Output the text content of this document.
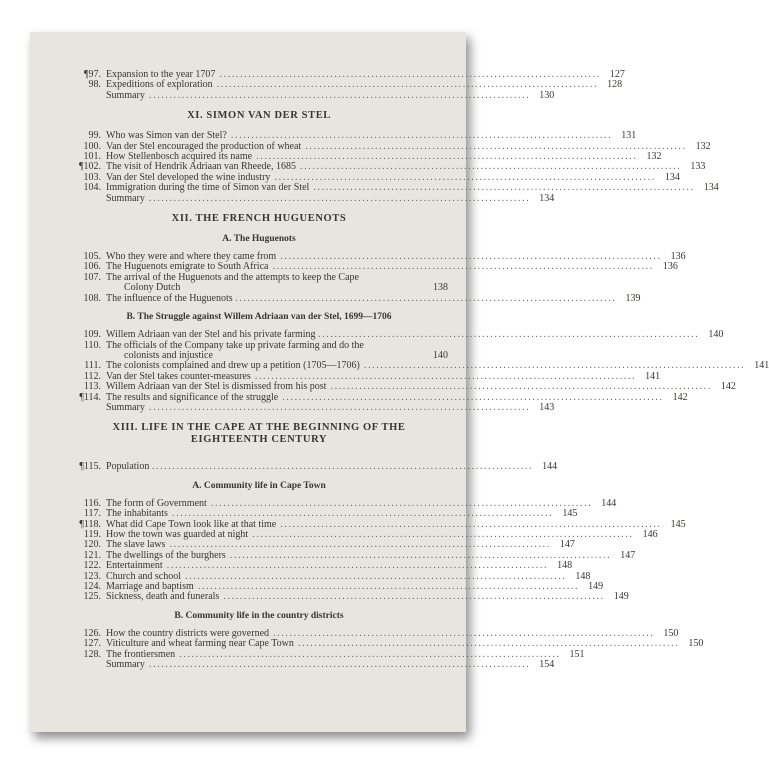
¶97. Expansion to the year 1707 ............................................................................................. 127
98. Expeditions of exploration ............................................................................................. 128
Summary ............................................................................................. 130
XI. SIMON VAN DER STEL
99. Who was Simon van der Stel? ............................................................................................. 131
100. Van der Stel encouraged the production of wheat ............................................................................................. 132
101. How Stellenbosch acquired its name ............................................................................................. 132
¶102. The visit of Hendrik Adriaan van Rheede, 1685 ............................................................................................. 133
103. Van der Stel developed the wine industry ............................................................................................. 134
104. Immigration during the time of Simon van der Stel ............................................................................................. 134
Summary ............................................................................................. 134
XII. THE FRENCH HUGUENOTS
A. The Huguenots
105. Who they were and where they came from ............................................................................................. 136
106. The Huguenots emigrate to South Africa ............................................................................................. 136
107. The arrival of the Huguenots and the attempts to keep the Cape
Colony Dutch	138
108. The influence of the Huguenots ............................................................................................. 139
B. The Struggle against Willem Adriaan van der Stel, 1699—1706
109. Willem Adriaan van der Stel and his private farming ............................................................................................. 140
110. The officials of the Company take up private farming and do the
colonists and injustice	140
111. The colonists complained and drew up a petition (1705—1706) ............................................................................................. 141
112. Van der Stel takes counter-measures ............................................................................................. 141
113. Willem Adriaan van der Stel is dismissed from his post ............................................................................................. 142
¶114. The results and significance of the struggle ............................................................................................. 142
Summary ............................................................................................. 143
XIII. LIFE IN THE CAPE AT THE BEGINNING OF THE
EIGHTEENTH CENTURY
¶115. Population ............................................................................................. 144
A. Community life in Cape Town
116. The form of Government ............................................................................................. 144
117. The inhabitants ............................................................................................. 145
¶118. What did Cape Town look like at that time ............................................................................................. 145
119. How the town was guarded at night ............................................................................................. 146
120. The slave laws ............................................................................................. 147
121. The dwellings of the burghers ............................................................................................. 147
122. Entertainment ............................................................................................. 148
123. Church and school ............................................................................................. 148
124. Marriage and baptism ............................................................................................. 149
125. Sickness, death and funerals ............................................................................................. 149
B. Community life in the country districts
126. How the country districts were governed ............................................................................................. 150
127. Viticulture and wheat farming near Cape Town ............................................................................................. 150
128. The frontiersmen ............................................................................................. 151
Summary ............................................................................................. 154
